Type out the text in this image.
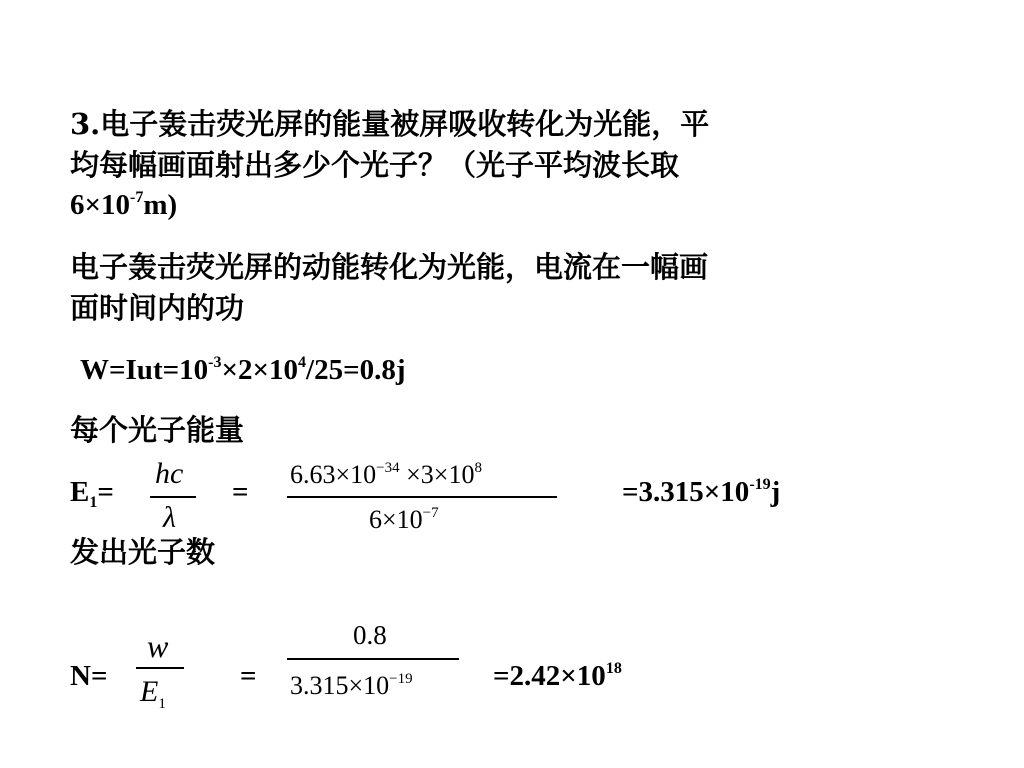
3.电子轰击荧光屏的能量被屏吸收转化为光能，平
均每幅画面射出多少个光子？（光子平均波长取
$6\times 10^{-7}m$)
电子轰击荧光屏的动能转化为光能，电流在一幅画
面时间内的功
$W=Iut=10^{-3}\times 2\times 10^4/25=0.8j$
每个光子能量
$E_1=$
hc
λ
=
$6.63\times 10^{-34} \times 3\times 10^8$
$6\times 10^{-7}$
$=3.315\times 10^{-19}j$
发出光子数
N=
w
$E_1$
=
0.8
$3.315\times 10^{-19}$	$=2.42\times 10^{18}$
